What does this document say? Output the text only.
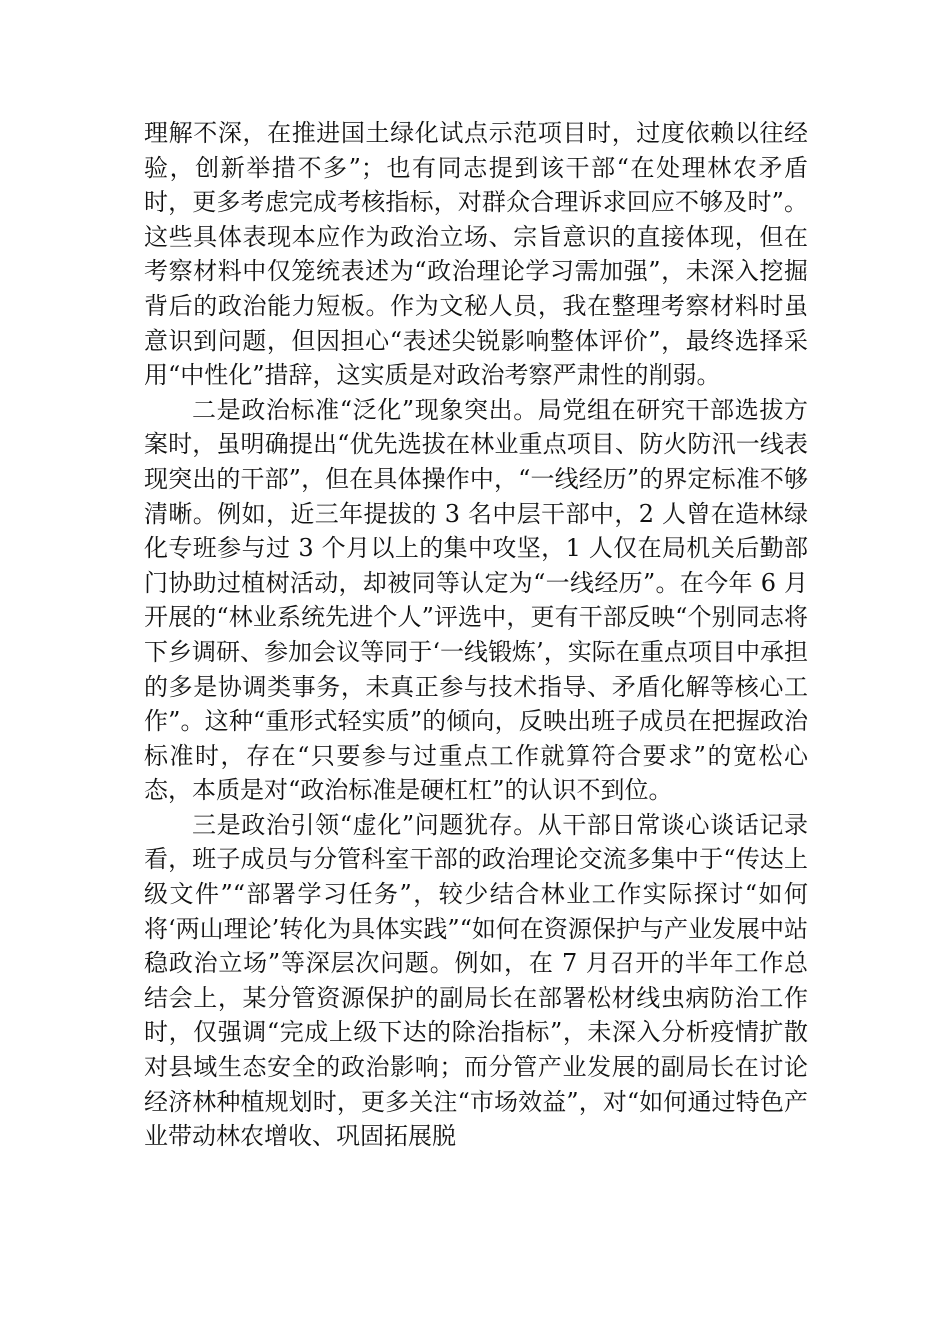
理解不深，在推进国土绿化试点示范项目时，过度依赖以往经验，创新举措不多”；也有同志提到该干部“在处理林农矛盾时，更多考虑完成考核指标，对群众合理诉求回应不够及时”。这些具体表现本应作为政治立场、宗旨意识的直接体现，但在考察材料中仅笼统表述为“政治理论学习需加强”，未深入挖掘背后的政治能力短板。作为文秘人员，我在整理考察材料时虽意识到问题，但因担心“表述尖锐影响整体评价”，最终选择采用“中性化”措辞，这实质是对政治考察严肃性的削弱。

二是政治标准“泛化”现象突出。局党组在研究干部选拔方案时，虽明确提出“优先选拔在林业重点项目、防火防汛一线表现突出的干部”，但在具体操作中，“一线经历”的界定标准不够清晰。例如，近三年提拔的 3 名中层干部中，2 人曾在造林绿化专班参与过 3 个月以上的集中攻坚，1 人仅在局机关后勤部门协助过植树活动，却被同等认定为“一线经历”。在今年 6 月开展的“林业系统先进个人”评选中，更有干部反映“个别同志将下乡调研、参加会议等同于‘一线锻炼’，实际在重点项目中承担的多是协调类事务，未真正参与技术指导、矛盾化解等核心工作”。这种“重形式轻实质”的倾向，反映出班子成员在把握政治标准时，存在“只要参与过重点工作就算符合要求”的宽松心态，本质是对“政治标准是硬杠杠”的认识不到位。

三是政治引领“虚化”问题犹存。从干部日常谈心谈话记录看，班子成员与分管科室干部的政治理论交流多集中于“传达上级文件”“部署学习任务”，较少结合林业工作实际探讨“如何将‘两山理论’转化为具体实践”“如何在资源保护与产业发展中站稳政治立场”等深层次问题。例如，在 7 月召开的半年工作总结会上，某分管资源保护的副局长在部署松材线虫病防治工作时，仅强调“完成上级下达的除治指标”，未深入分析疫情扩散对县域生态安全的政治影响；而分管产业发展的副局长在讨论经济林种植规划时，更多关注“市场效益”，对“如何通过特色产业带动林农增收、巩固拓展脱
